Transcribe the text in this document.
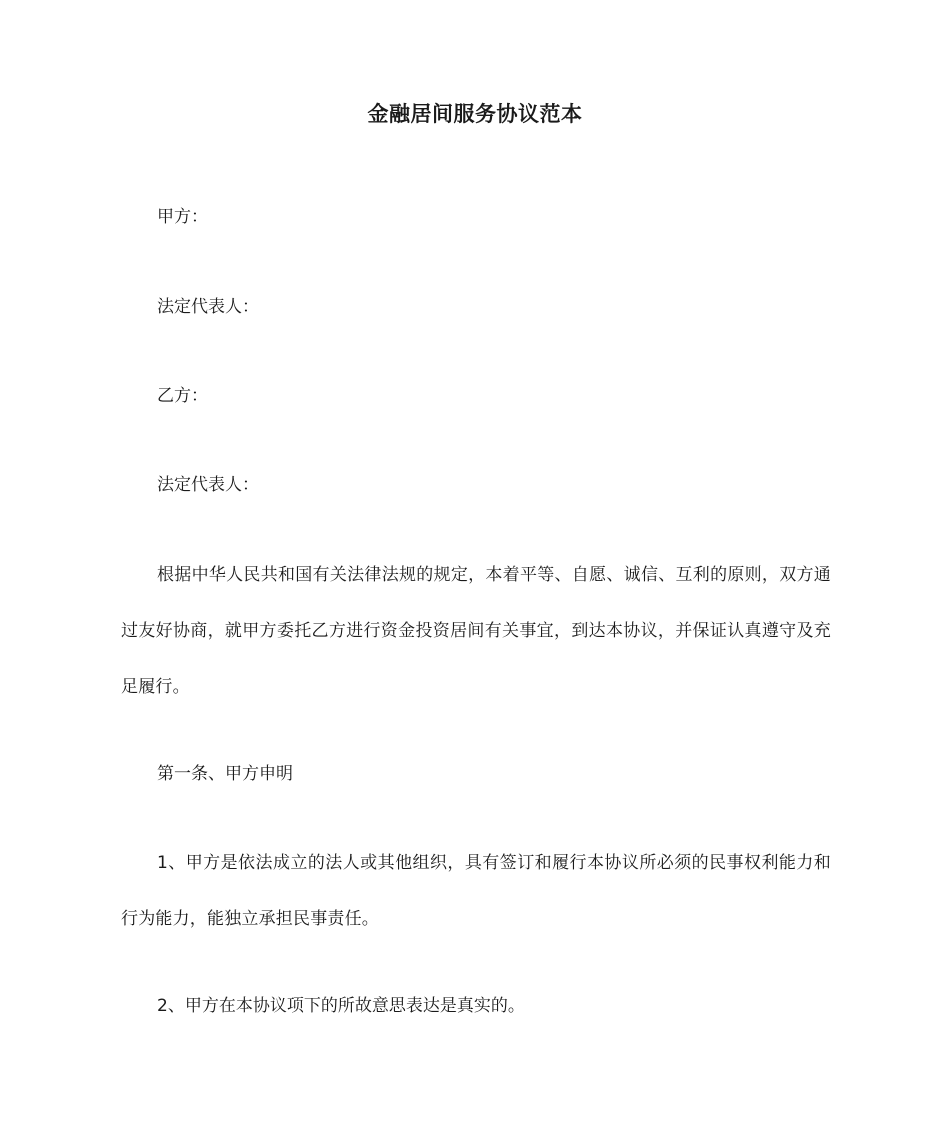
金融居间服务协议范本
甲方：
法定代表人：
乙方：
法定代表人：
根据中华人民共和国有关法律法规的规定，本着平等、自愿、诚信、互利的原则，双方通过友好协商，就甲方委托乙方进行资金投资居间有关事宜，到达本协议，并保证认真遵守及充足履行。
第一条、甲方申明
1、甲方是依法成立的法人或其他组织，具有签订和履行本协议所必须的民事权利能力和行为能力，能独立承担民事责任。
2、甲方在本协议项下的所故意思表达是真实的。
